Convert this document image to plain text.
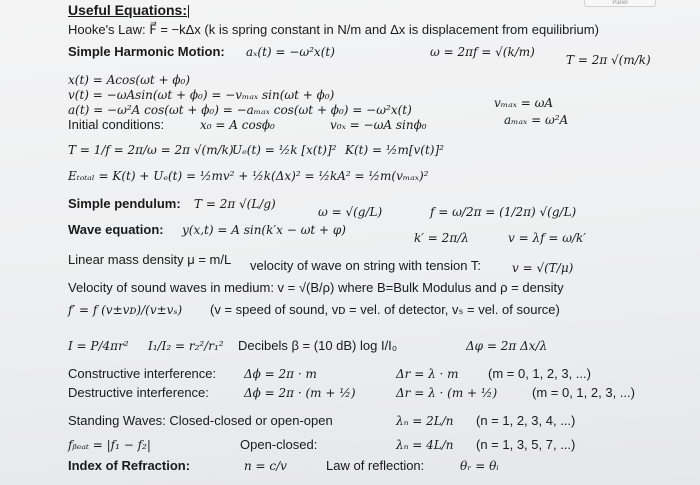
Panel
Useful Equations:
Hooke's Law: F⃗ = −kΔx (k is spring constant in N/m and Δx is displacement from equilibrium)
Simple Harmonic Motion: aₓ(t) = −ω²x(t)	ω = 2πf = √(k/m)
T = 2π √(m/k)
x(t) = Acos(ωt + ϕ₀)
v(t) = −ωAsin(ωt + ϕ₀) = −vₘₐₓ sin(ωt + ϕ₀)
vₘₐₓ = ωA
a(t) = −ω²A cos(ωt + ϕ₀) = −aₘₐₓ cos(ωt + ϕ₀) = −ω²x(t)
aₘₐₓ = ω²A
Initial conditions:	x₀ = A cosϕ₀	v₀ₓ = −ωA sinϕ₀
T = 1/f = 2π/ω = 2π √(m/k)
Uₑ(t) = ½k [x(t)]² K(t) = ½m[v(t)]²
Eₜₒₜₐₗ = K(t) + Uₑ(t) = ½mv² + ½k(Δx)² = ½kA² = ½m(vₘₐₓ)²
Simple pendulum: T = 2π √(L/g)
ω = √(g/L)	f = ω/2π = (1/2π) √(g/L)
Wave equation: y(x,t) = A sin(k′x − ωt + φ)
k′ = 2π/λ	v = λf = ω/k′
Linear mass density μ = m/L velocity of wave on string with tension T:	v = √(T/μ)
Velocity of sound waves in medium: v = √(B/ρ) where B=Bulk Modulus and ρ = density
f′ = f (v±vᴅ)/(v±vₛ) (v = speed of sound, vᴅ = vel. of detector, vₛ = vel. of source)
I = P/4πr² I₁/I₂ = r₂²/r₁² Decibels β = (10 dB) log I/I₀	Δφ = 2π Δx/λ
Constructive interference: Δϕ = 2π · m	Δr = λ · m (m = 0, 1, 2, 3, ...)
Destructive interference:	Δϕ = 2π · (m + ½)	Δr = λ · (m + ½)	(m = 0, 1, 2, 3, ...)
Standing Waves: Closed-closed or open-open	λₙ = 2L/n (n = 1, 2, 3, 4, ...)
fᵦₑₐₜ = |f₁ − f₂|	Open-closed:	λₙ = 4L/n (n = 1, 3, 5, 7, ...)
Index of Refraction:	n = c/v	Law of reflection:	θᵣ = θᵢ
